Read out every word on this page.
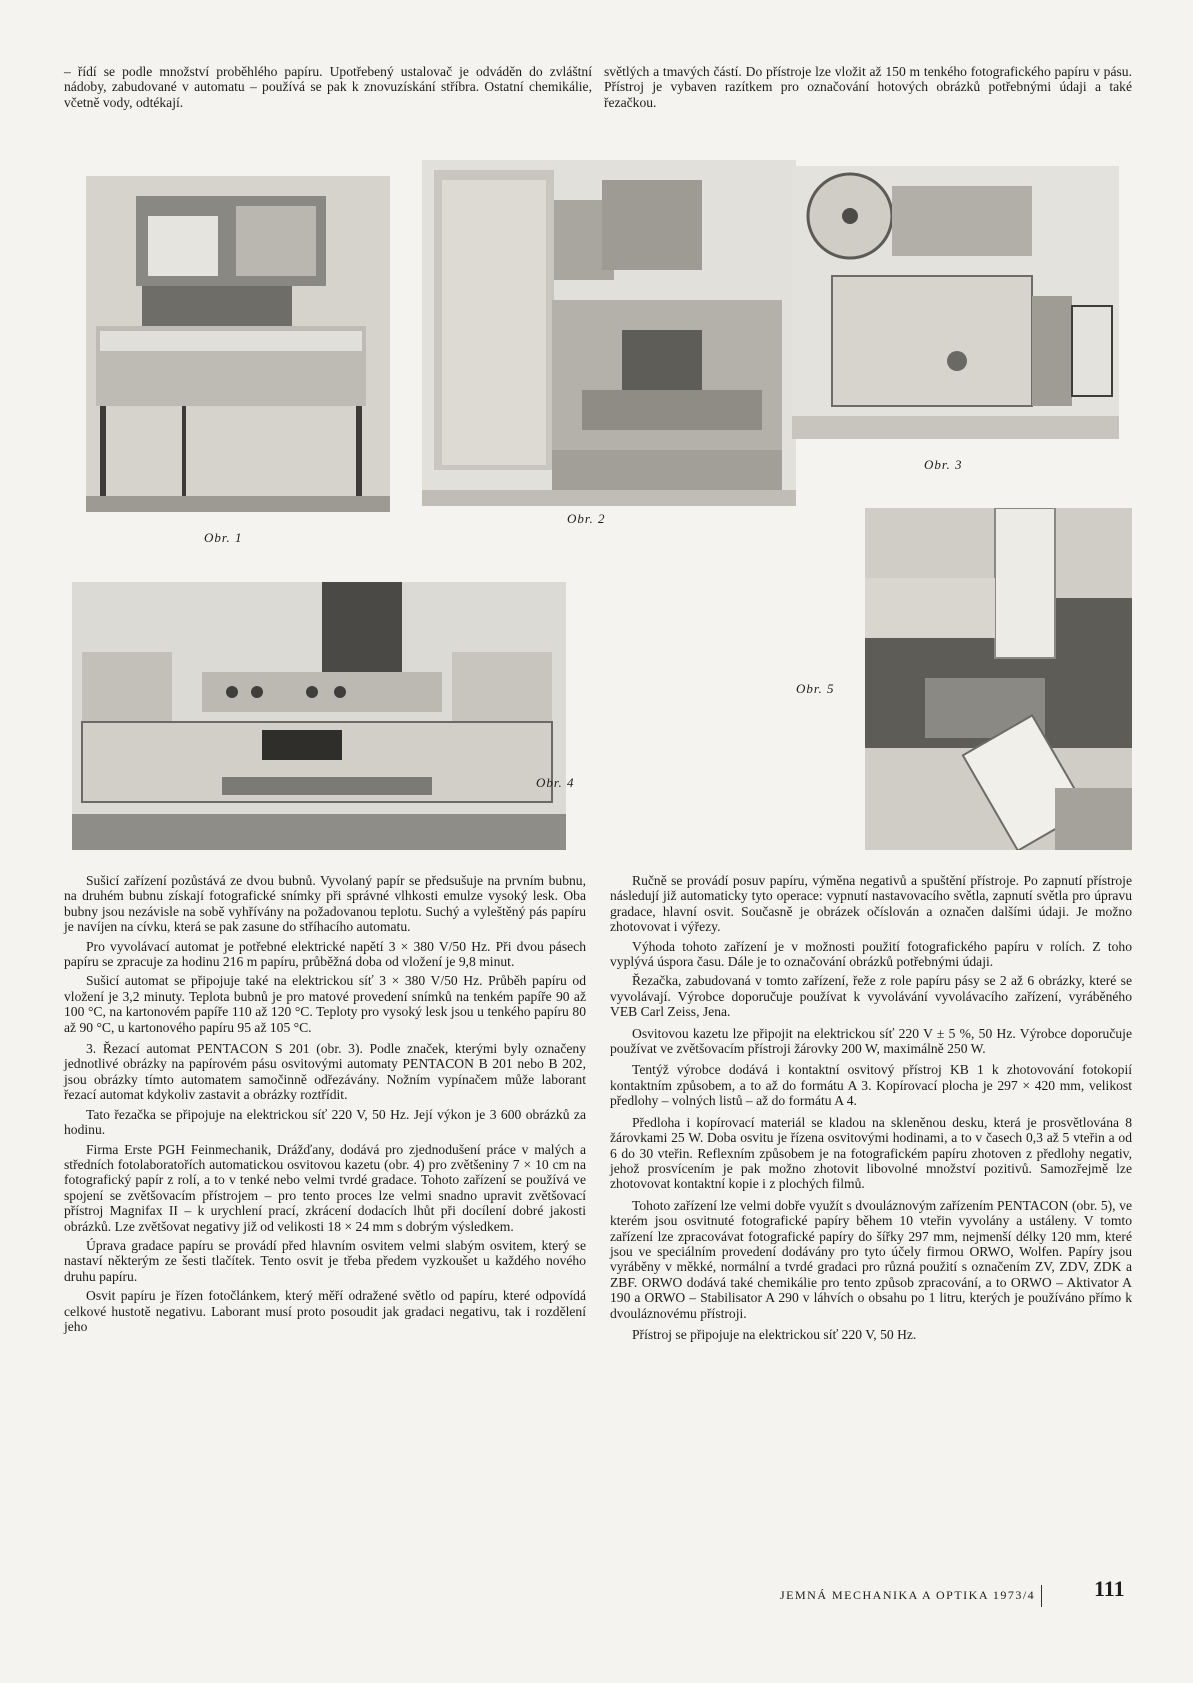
– řídí se podle množství proběhlého papíru. Upotřebený ustalovač je odváděn do zvláštní nádoby, zabudované v automatu – používá se pak k znovuzískání stříbra. Ostatní chemikálie, včetně vody, odtékají.

světlých a tmavých částí. Do přístroje lze vložit až 150 m tenkého fotografického papíru v pásu. Přístroj je vybaven razítkem pro označování hotových obrázků potřebnými údaji a také řezačkou.

Obr. 1
Obr. 2
Obr. 3
Obr. 4
Obr. 5

Sušicí zařízení pozůstává ze dvou bubnů. Vyvolaný papír se předsušuje na prvním bubnu, na druhém bubnu získají fotografické snímky při správné vlhkosti emulze vysoký lesk. Oba bubny jsou nezávisle na sobě vyhřívány na požadovanou teplotu. Suchý a vyleštěný pás papíru je navíjen na cívku, která se pak zasune do stříhacího automatu.

Pro vyvolávací automat je potřebné elektrické napětí 3 × 380 V/50 Hz. Při dvou pásech papíru se zpracuje za hodinu 216 m papíru, průběžná doba od vložení je 9,8 minut.

Sušicí automat se připojuje také na elektrickou síť 3 × 380 V/50 Hz. Průběh papíru od vložení je 3,2 minuty. Teplota bubnů je pro matové provedení snímků na tenkém papíře 90 až 100 °C, na kartonovém papíře 110 až 120 °C. Teploty pro vysoký lesk jsou u tenkého papíru 80 až 90 °C, u kartonového papíru 95 až 105 °C.

3. Řezací automat PENTACON S 201 (obr. 3). Podle značek, kterými byly označeny jednotlivé obrázky na papírovém pásu osvitovými automaty PENTACON B 201 nebo B 202, jsou obrázky tímto automatem samočinně odřezávány. Nožním vypínačem může laborant řezací automat kdykoliv zastavit a obrázky roztřídit.

Tato řezačka se připojuje na elektrickou síť 220 V, 50 Hz. Její výkon je 3 600 obrázků za hodinu.

Firma Erste PGH Feinmechanik, Drážďany, dodává pro zjednodušení práce v malých a středních fotolaboratořích automatickou osvitovou kazetu (obr. 4) pro zvětšeniny 7 × 10 cm na fotografický papír z rolí, a to v tenké nebo velmi tvrdé gradace. Tohoto zařízení se používá ve spojení se zvětšovacím přístrojem – pro tento proces lze velmi snadno upravit zvětšovací přístroj Magnifax II – k urychlení prací, zkrácení dodacích lhůt při docílení dobré jakosti obrázků. Lze zvětšovat negativy již od velikosti 18 × 24 mm s dobrým výsledkem.

Úprava gradace papíru se provádí před hlavním osvitem velmi slabým osvitem, který se nastaví některým ze šesti tlačítek. Tento osvit je třeba předem vyzkoušet u každého nového druhu papíru.

Osvit papíru je řízen fotočlánkem, který měří odražené světlo od papíru, které odpovídá celkové hustotě negativu. Laborant musí proto posoudit jak gradaci negativu, tak i rozdělení jeho

Ručně se provádí posuv papíru, výměna negativů a spuštění přístroje. Po zapnutí přístroje následují již automaticky tyto operace: vypnutí nastavovacího světla, zapnutí světla pro úpravu gradace, hlavní osvit. Současně je obrázek očíslován a označen dalšími údaji. Je možno zhotovovat i výřezy.

Výhoda tohoto zařízení je v možnosti použití fotografického papíru v rolích. Z toho vyplývá úspora času. Dále je to označování obrázků potřebnými údaji.

Řezačka, zabudovaná v tomto zařízení, řeže z role papíru pásy se 2 až 6 obrázky, které se vyvolávají. Výrobce doporučuje používat k vyvolávání vyvolávacího zařízení, vyráběného VEB Carl Zeiss, Jena.

Osvitovou kazetu lze připojit na elektrickou síť 220 V ± 5 %, 50 Hz. Výrobce doporučuje používat ve zvětšovacím přístroji žárovky 200 W, maximálně 250 W.

Tentýž výrobce dodává i kontaktní osvitový přístroj KB 1 k zhotovování fotokopií kontaktním způsobem, a to až do formátu A 3. Kopírovací plocha je 297 × 420 mm, velikost předlohy – volných listů – až do formátu A 4.

Předloha i kopírovací materiál se kladou na skleněnou desku, která je prosvětlována 8 žárovkami 25 W. Doba osvitu je řízena osvitovými hodinami, a to v časech 0,3 až 5 vteřin a od 6 do 30 vteřin. Reflexním způsobem je na fotografickém papíru zhotoven z předlohy negativ, jehož prosvícením je pak možno zhotovit libovolné množství pozitivů. Samozřejmě lze zhotovovat kontaktní kopie i z plochých filmů.

Tohoto zařízení lze velmi dobře využít s dvouláznovým zařízením PENTACON (obr. 5), ve kterém jsou osvitnuté fotografické papíry během 10 vteřin vyvolány a ustáleny. V tomto zařízení lze zpracovávat fotografické papíry do šířky 297 mm, nejmenší délky 120 mm, které jsou ve speciálním provedení dodávány pro tyto účely firmou ORWO, Wolfen. Papíry jsou vyráběny v měkké, normální a tvrdé gradaci pro různá použití s označením ZV, ZDV, ZDK a ZBF. ORWO dodává také chemikálie pro tento způsob zpracování, a to ORWO – Aktivator A 190 a ORWO – Stabilisator A 290 v láhvích o obsahu po 1 litru, kterých je používáno přímo k dvouláznovému přístroji.

Přístroj se připojuje na elektrickou síť 220 V, 50 Hz.

JEMNÁ MECHANIKA A OPTIKA 1973/4	111
